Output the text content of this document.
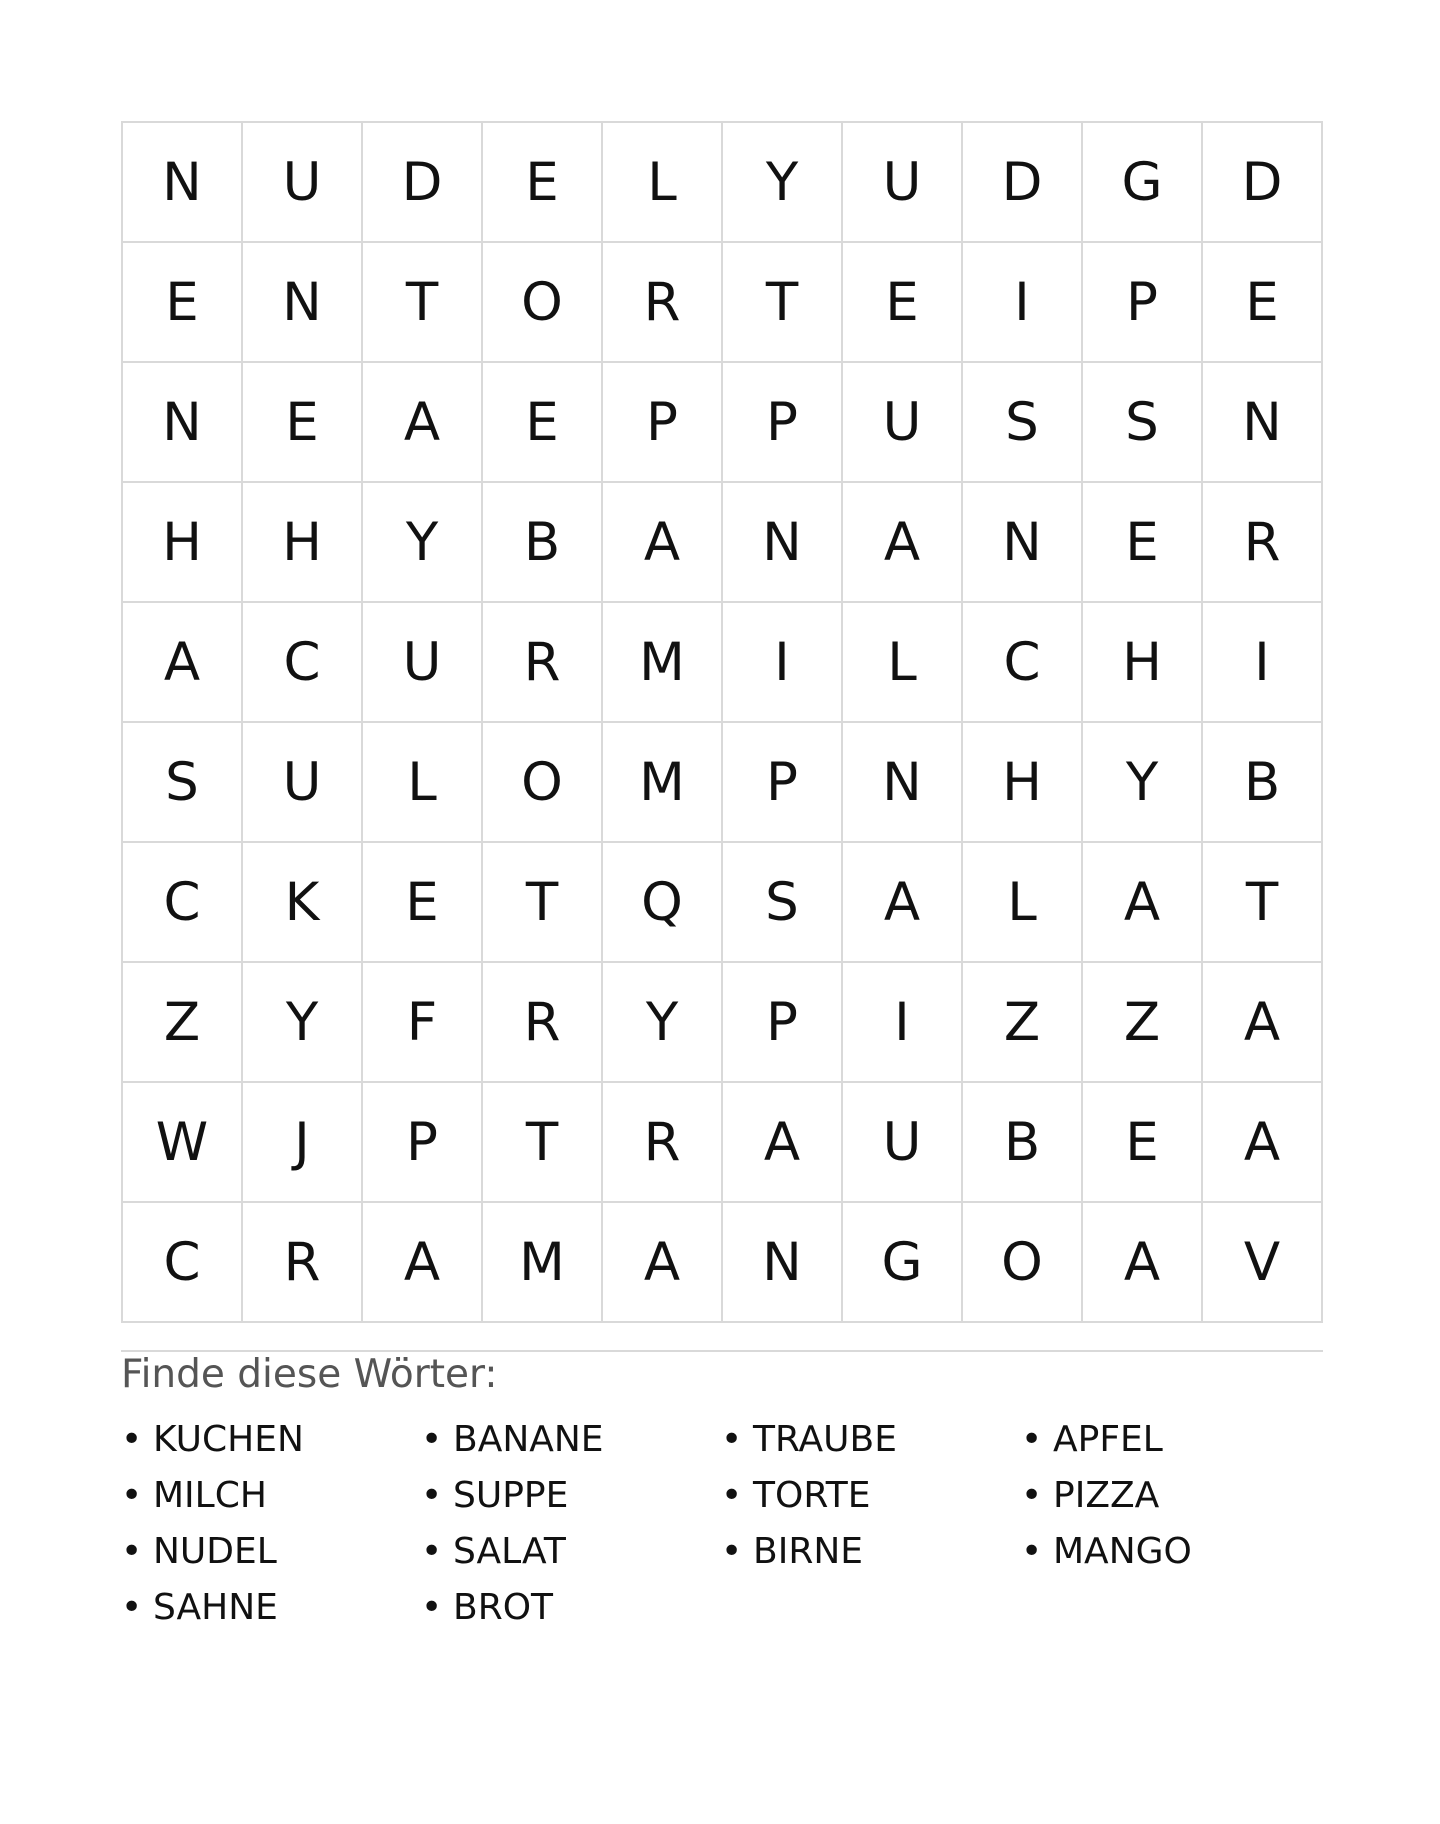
N	U	D	E	L	Y	U	D	G	D
E	N	T	O	R	T	E	I	P	E
N	E	A	E	P	P	U	S	S	N
H	H	Y	B	A	N	A	N	E	R
A	C	U	R	M	I	L	C	H	I
S	U	L	O	M	P	N	H	Y	B
C	K	E	T	Q	S	A	L	A	T
Z	Y	F	R	Y	P	I	Z	Z	A
W	J	P	T	R	A	U	B	E	A
C	R	A	M	A	N	G	O	A	V
Finde diese Wörter:
• KUCHEN	• BANANE	• TRAUBE	• APFEL
• MILCH	• SUPPE	• TORTE	• PIZZA
• NUDEL	• SALAT	• BIRNE	• MANGO
• SAHNE	• BROT
